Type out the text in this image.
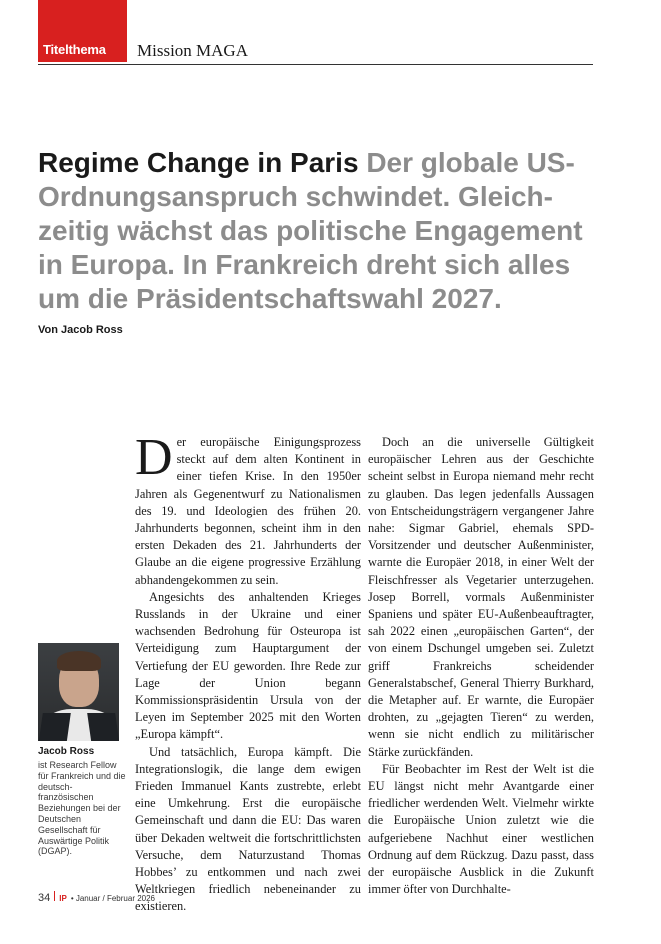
Titelthema Mission MAGA
Regime Change in Paris Der globale US-Ordnungsanspruch schwindet. Gleichzeitig wächst das politische Engagement in Europa. In Frankreich dreht sich alles um die Präsidentschaftswahl 2027.
Von Jacob Ross

Der europäische Einigungsprozess steckt auf dem alten Kontinent in einer tiefen Krise. In den 1950er Jahren als Gegenentwurf zu Nationalismen des 19. und Ideologien des frühen 20. Jahrhunderts begonnen, scheint ihm in den ersten Dekaden des 21. Jahrhunderts der Glaube an die eigene progressive Erzählung abhandengekommen zu sein.

Angesichts des anhaltenden Krieges Russlands in der Ukraine und einer wachsenden Bedrohung für Osteuropa ist Verteidigung zum Hauptargument der Vertiefung der EU geworden. Ihre Rede zur Lage der Union begann Kommissionspräsidentin Ursula von der Leyen im September 2025 mit den Worten „Europa kämpft“.

Und tatsächlich, Europa kämpft. Die Integrationslogik, die lange dem ewigen Frieden Immanuel Kants zustrebte, erlebt eine Umkehrung. Erst die europäische Gemeinschaft und dann die EU: Das waren über Dekaden weltweit die fortschrittlichsten Versuche, dem Naturzustand Thomas Hobbes’ zu entkommen und nach zwei Weltkriegen friedlich nebeneinander zu existieren.

Doch an die universelle Gültigkeit europäischer Lehren aus der Geschichte scheint selbst in Europa niemand mehr recht zu glauben. Das legen jedenfalls Aussagen von Entscheidungsträgern vergangener Jahre nahe: Sigmar Gabriel, ehemals SPD-Vorsitzender und deutscher Außenminister, warnte die Europäer 2018, in einer Welt der Fleischfresser als Vegetarier unterzugehen. Josep Borrell, vormals Außenminister Spaniens und später EU-Außenbeauftragter, sah 2022 einen „europäischen Garten“, der von einem Dschungel umgeben sei. Zuletzt griff Frankreichs scheidender Generalstabschef, General Thierry Burkhard, die Metapher auf. Er warnte, die Europäer drohten, zu „gejagten Tieren“ zu werden, wenn sie nicht endlich zu militärischer Stärke zurückfänden.

Für Beobachter im Rest der Welt ist die EU längst nicht mehr Avantgarde einer friedlicher werdenden Welt. Vielmehr wirkte die Europäische Union zuletzt wie die aufgeriebene Nachhut einer westlichen Ordnung auf dem Rückzug. Dazu passt, dass der europäische Ausblick in die Zukunft immer öfter von Durchhalte-

Jacob Ross

ist Research Fellow für Frankreich und die deutsch-französischen Beziehungen bei der Deutschen Gesellschaft für Auswärtige Politik (DGAP).

34 IP • Januar / Februar 2026
